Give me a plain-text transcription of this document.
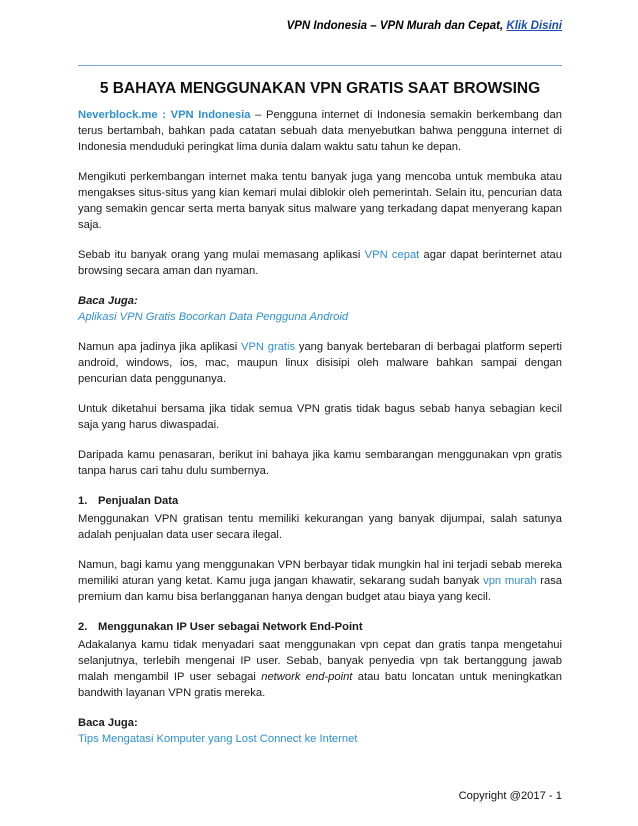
VPN Indonesia – VPN Murah dan Cepat, Klik Disini
5 BAHAYA MENGGUNAKAN VPN GRATIS SAAT BROWSING

Neverblock.me : VPN Indonesia – Pengguna internet di Indonesia semakin berkembang dan terus bertambah, bahkan pada catatan sebuah data menyebutkan bahwa pengguna internet di Indonesia menduduki peringkat lima dunia dalam waktu satu tahun ke depan.

Mengikuti perkembangan internet maka tentu banyak juga yang mencoba untuk membuka atau mengakses situs-situs yang kian kemari mulai diblokir oleh pemerintah. Selain itu, pencurian data yang semakin gencar serta merta banyak situs malware yang terkadang dapat menyerang kapan saja.

Sebab itu banyak orang yang mulai memasang aplikasi VPN cepat agar dapat berinternet atau browsing secara aman dan nyaman.

Baca Juga:
Aplikasi VPN Gratis Bocorkan Data Pengguna Android

Namun apa jadinya jika aplikasi VPN gratis yang banyak bertebaran di berbagai platform seperti android, windows, ios, mac, maupun linux disisipi oleh malware bahkan sampai dengan pencurian data penggunanya.

Untuk diketahui bersama jika tidak semua VPN gratis tidak bagus sebab hanya sebagian kecil saja yang harus diwaspadai.

Daripada kamu penasaran, berikut ini bahaya jika kamu sembarangan menggunakan vpn gratis tanpa harus cari tahu dulu sumbernya.

1. Penjualan Data
Menggunakan VPN gratisan tentu memiliki kekurangan yang banyak dijumpai, salah satunya adalah penjualan data user secara ilegal.

Namun, bagi kamu yang menggunakan VPN berbayar tidak mungkin hal ini terjadi sebab mereka memiliki aturan yang ketat. Kamu juga jangan khawatir, sekarang sudah banyak vpn murah rasa premium dan kamu bisa berlangganan hanya dengan budget atau biaya yang kecil.

2. Menggunakan IP User sebagai Network End-Point
Adakalanya kamu tidak menyadari saat menggunakan vpn cepat dan gratis tanpa mengetahui selanjutnya, terlebih mengenai IP user. Sebab, banyak penyedia vpn tak bertanggung jawab malah mengambil IP user sebagai network end-point atau batu loncatan untuk meningkatkan bandwith layanan VPN gratis mereka.

Baca Juga:
Tips Mengatasi Komputer yang Lost Connect ke Internet

Copyright @2017 - 1
